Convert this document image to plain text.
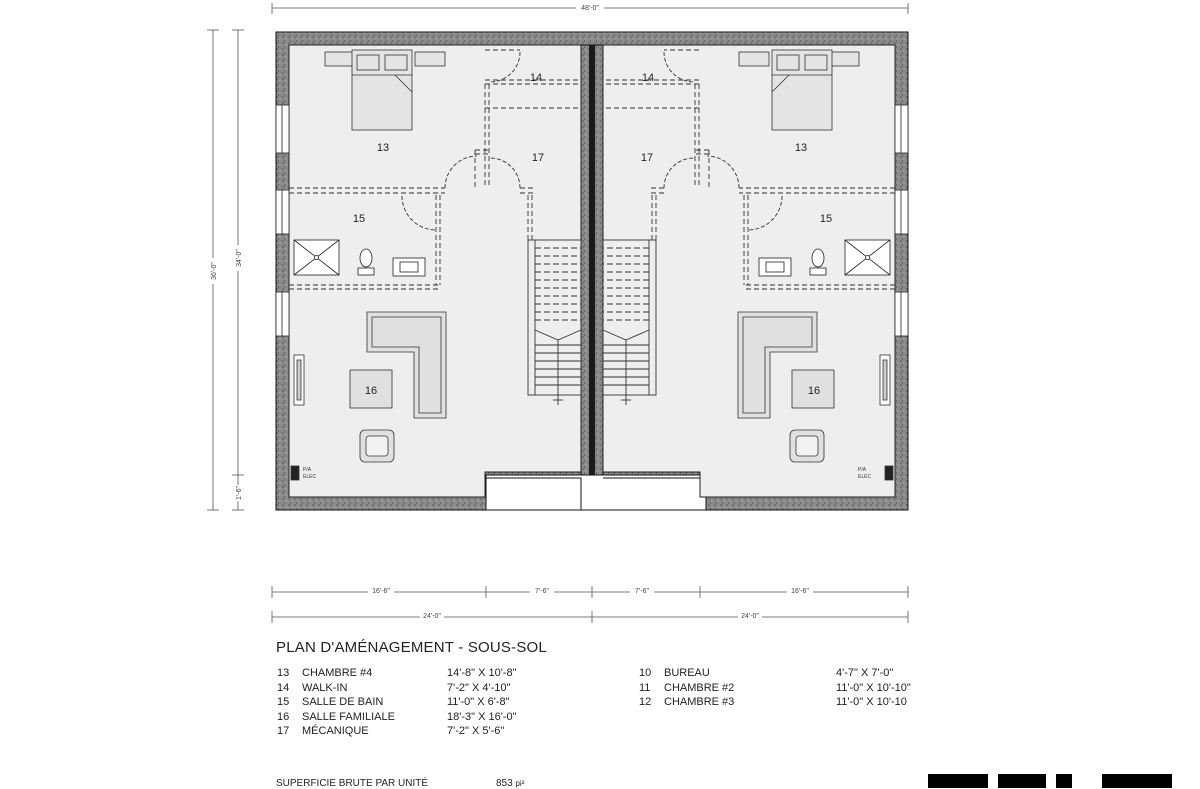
48'-0"
36'-0"
34'-0"
1'-6"
P/A
ELEC
P/A
ELEC
14
13
17
15
16
14
13
17
15
16
16'-6"	7'-6"	7'-6"	16'-6"
24'-0"	24'-0"
PLAN D'AMÉNAGEMENT - SOUS-SOL
13	CHAMBRE #4	14'-8" X 10'-8"
14	WALK-IN	7'-2" X 4'-10"
15	SALLE DE BAIN	11'-0" X 6'-8"
16	SALLE FAMILIALE	18'-3" X 16'-0"
17	MÉCANIQUE	7'-2" X 5'-6"
10	BUREAU	4'-7" X 7'-0"
11	CHAMBRE #2	11'-0" X 10'-10"
12	CHAMBRE #3	11'-0" X 10'-10
SUPERFICIE BRUTE PAR UNITÉ	853 pi²
